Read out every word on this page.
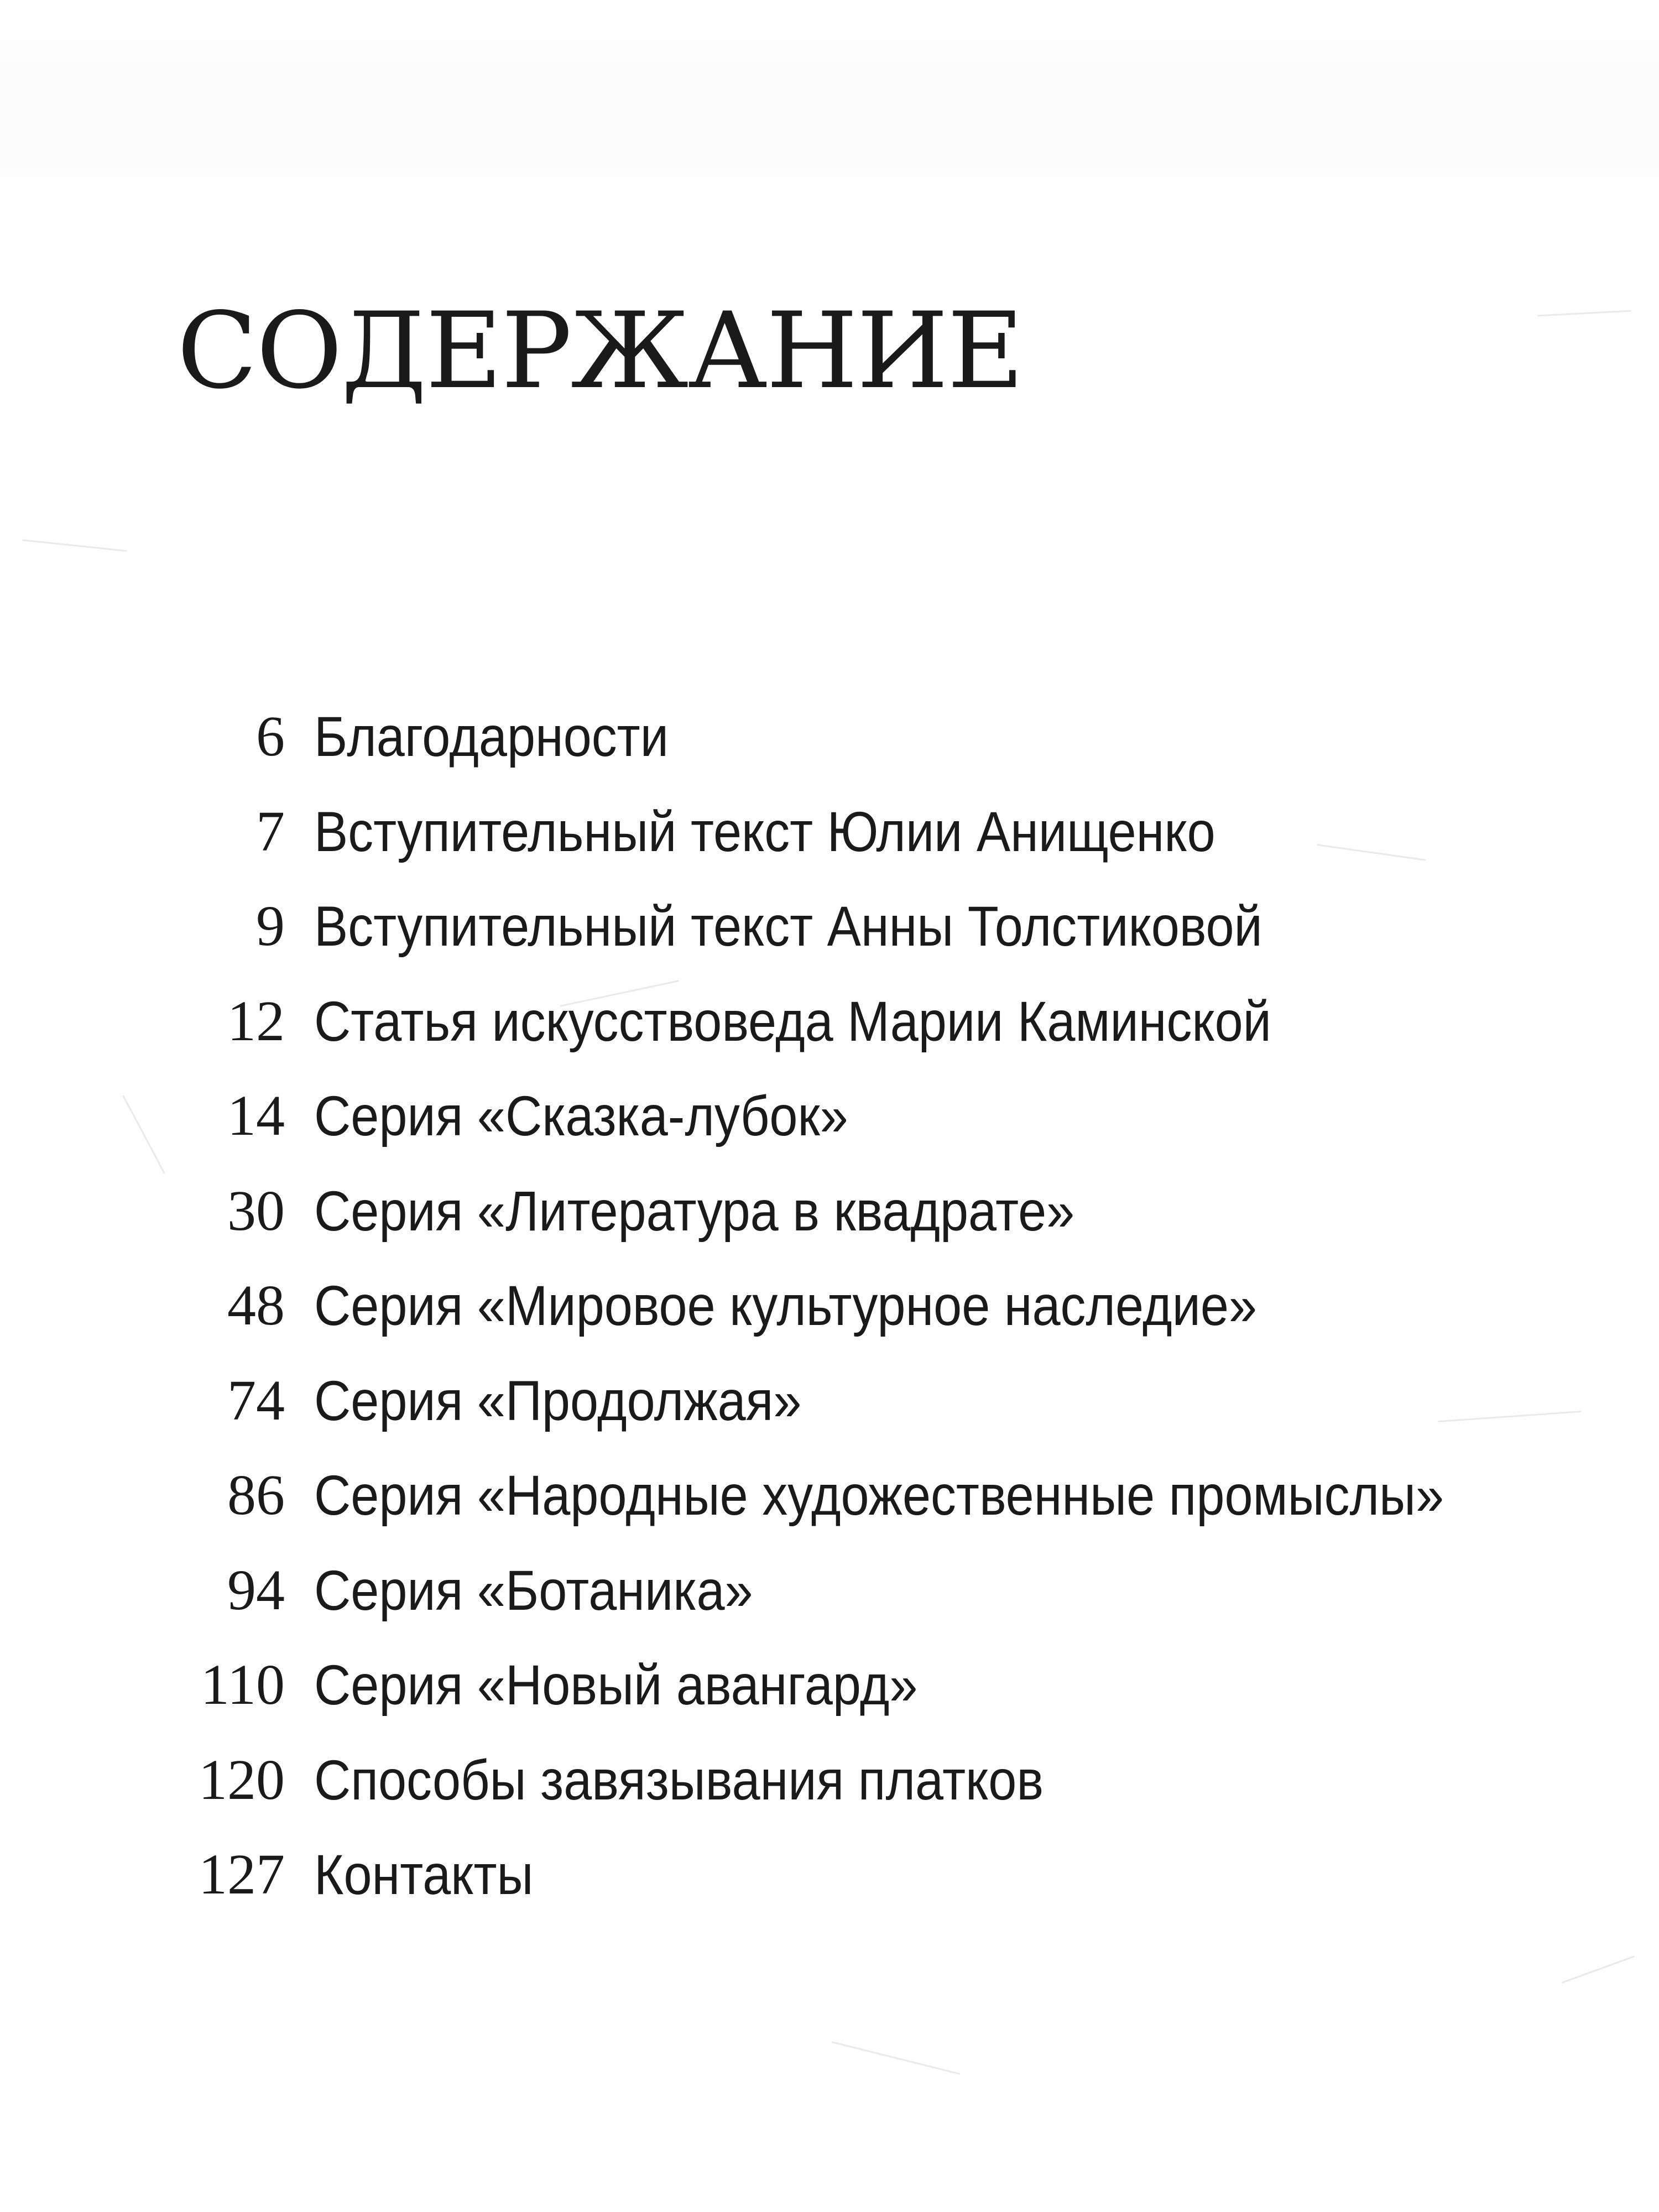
СОДЕРЖАНИЕ
6 Благодарности
7 Вступительный текст Юлии Анищенко
9 Вступительный текст Анны Толстиковой
12 Статья искусствоведа Марии Каминской
14 Серия «Сказка-лубок»
30 Серия «Литература в квадрате»
48 Серия «Мировое культурное наследие»
74 Серия «Продолжая»
86 Серия «Народные художественные промыслы»
94 Серия «Ботаника»
110 Серия «Новый авангард»
120 Способы завязывания платков
127 Контакты
